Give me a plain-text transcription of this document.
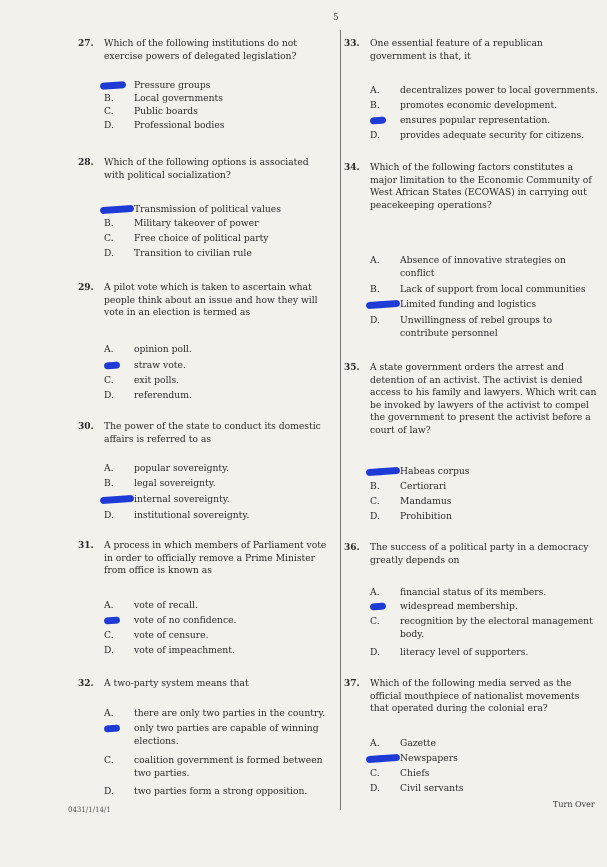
5
27. Which of the following institutions do not exercise powers of delegated legislation?
Pressure groups
B.	Local governments
C.	Public boards
D.	Professional bodies
28. Which of the following options is associated with political socialization?
Transmission of political values
B.	Military takeover of power
C.	Free choice of political party
D.	Transition to civilian rule
29. A pilot vote which is taken to ascertain what people think about an issue and how they will vote in an election is termed as
A.	opinion poll.
straw vote.
C.	exit polls.
D.	referendum.
30. The power of the state to conduct its domestic affairs is referred to as
A.	popular sovereignty.
B.	legal sovereignty.
internal sovereignty.
D.	institutional sovereignty.
31. A process in which members of Parliament vote in order to officially remove a Prime Minister from office is known as
A.	vote of recall.
vote of no confidence.
C.	vote of censure.
D.	vote of impeachment.
32. A two-party system means that
A.	there are only two parties in the country.
only two parties are capable of winning elections.
C.	coalition government is formed between two parties.
D.	two parties form a strong opposition.
33. One essential feature of a republican government is that, it
A.	decentralizes power to local governments.
B.	promotes economic development.
ensures popular representation.
D.	provides adequate security for citizens.
34. Which of the following factors constitutes a major limitation to the Economic Community of West African States (ECOWAS) in carrying out peacekeeping operations?
A.	Absence of innovative strategies on conflict
B.	Lack of support from local communities
Limited funding and logistics
D.	Unwillingness of rebel groups to contribute personnel
35. A state government orders the arrest and detention of an activist. The activist is denied access to his family and lawyers. Which writ can be invoked by lawyers of the activist to compel the government to present the activist before a court of law?
Habeas corpus
B.	Certiorari
C.	Mandamus
D.	Prohibition
36. The success of a political party in a democracy greatly depends on
A.	financial status of its members.
widespread membership.
C.	recognition by the electoral management body.
D.	literacy level of supporters.
37. Which of the following media served as the official mouthpiece of nationalist movements that operated during the colonial era?
A.	Gazette
Newspapers
C.	Chiefs
D.	Civil servants
0431/1/14/1
Turn Over
